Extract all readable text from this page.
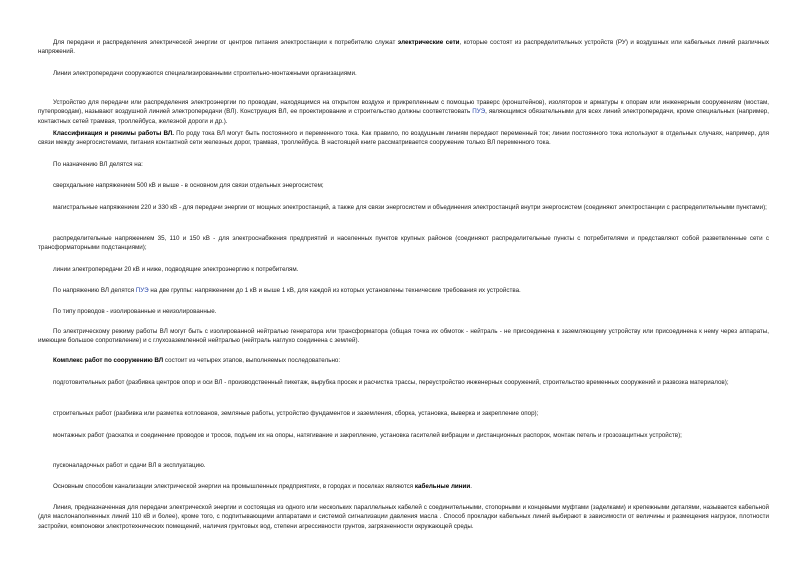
Для передачи и распределения электрической энергии от центров питания электростанции к потребителю служат электрические сети, которые состоят из распределительных устройств (РУ) и воздушных или кабельных линий различных напряжений.

Линии электропередачи сооружаются специализированными строительно-монтажными организациями.

Устройство для передачи или распределения электроэнергии по проводам, находящимся на открытом воздухе и прикрепленным с помощью траверс (кронштейнов), изоляторов и арматуры к опорам или инженерным сооружениям (мостам, путепроводам), называют воздушной линией электропередачи (ВЛ). Конструкция ВЛ, ее проектирование и строительство должны соответствовать ПУЭ, являющимся обязательными для всех линий электропередачи, кроме специальных (например, контактных сетей трамвая, троллейбуса, железной дороги и др.).

Классификация и режимы работы ВЛ. По роду тока ВЛ могут быть постоянного и переменного тока. Как правило, по воздушным линиям передают переменный ток; линии постоянного тока используют в отдельных случаях, например, для связи между энергосистемами, питания контактной сети железных дорог, трамвая, троллейбуса. В настоящей книге рассматривается сооружение только ВЛ переменного тока.

По назначению ВЛ делятся на:

сверхдальние напряжением 500 кВ и выше - в основном для связи отдельных энергосистем;

магистральные напряжением 220 и 330 кВ - для передачи энергии от мощных электростанций, а также для связи энергосистем и объединения электростанций внутри энергосистем (соединяют электростанции с распределительными пунктами);

распределительные напряжением 35, 110 и 150 кВ - для электроснабжения предприятий и населенных пунктов крупных районов (соединяют распределительные пункты с потребителями и представляют собой разветвленные сети с трансформаторными подстанциями);

линии электропередачи 20 кВ и ниже, подводящие электроэнергию к потребителям.

По напряжению ВЛ делятся ПУЭ на две группы: напряжением до 1 кВ и выше 1 кВ, для каждой из которых установлены технические требования их устройства.

По типу проводов - изолированные и неизолированные.

По электрическому режиму работы ВЛ могут быть с изолированной нейтралью генератора или трансформатора (общая точка их обмоток - нейтраль - не присоединена к заземляющему устройству или присоединена к нему через аппараты, имеющие большое сопротивление) и с глухозаземленной нейтралью (нейтраль наглухо соединена с землей).

Комплекс работ по сооружению ВЛ состоит из четырех этапов, выполняемых последовательно:

подготовительных работ (разбивка центров опор и оси ВЛ - производственный пикетаж, вырубка просек и расчистка трассы, переустройство инженерных сооружений, строительство временных сооружений и развозка материалов);

строительных работ (разбивка или разметка котлованов, земляные работы, устройство фундаментов и заземления, сборка, установка, выверка и закрепление опор);

монтажных работ (раскатка и соединение проводов и тросов, подъем их на опоры, натягивание и закрепление, установка гасителей вибрации и дистанционных распорок, монтаж петель и грозозащитных устройств);

пусконаладочных работ и сдачи ВЛ в эксплуатацию.

Основным способом канализации электрической энергии на промышленных предприятиях, в городах и поселках являются кабельные линии.

Линия, предназначенная для передачи электрической энергии и состоящая из одного или нескольких параллельных кабелей с соединительными, стопорными и концевыми муфтами (заделками) и крепежными деталями, называется кабельной (для маслонаполненных линий 110 кВ и более), кроме того, с подпитывающими аппаратами и системой сигнализации давления масла . Способ прокладки кабельных линий выбирают в зависимости от величины и размещения нагрузок, плотности застройки, компоновки электротехнических помещений, наличия грунтовых вод, степени агрессивности грунтов, загрязненности окружающей среды.
